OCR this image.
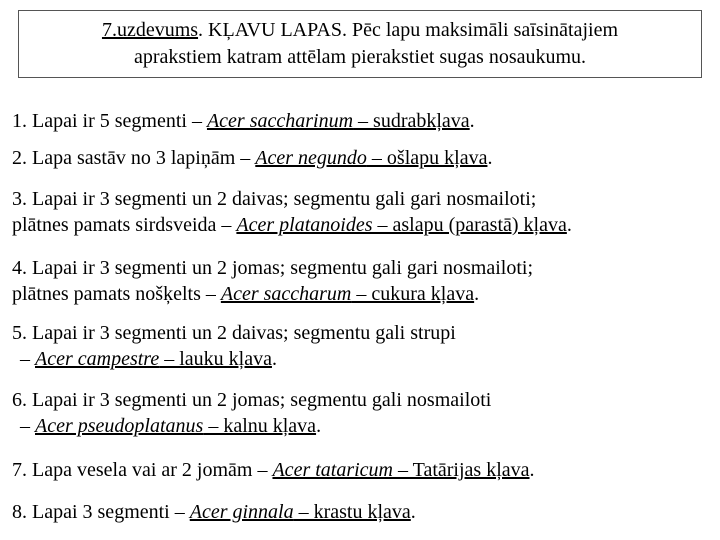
7.uzdevums. KĻAVU LAPAS. Pēc lapu maksimāli saīsinātajiem
aprakstiem katram attēlam pierakstiet sugas nosaukumu.
1. Lapai ir 5 segmenti – Acer saccharinum – sudrabkļava.
2. Lapa sastāv no 3 lapiņām – Acer negundo – ošlapu kļava.
3. Lapai ir 3 segmenti un 2 daivas; segmentu gali gari nosmailoti;
plātnes pamats sirdsveida – Acer platanoides – aslapu (parastā) kļava.
4. Lapai ir 3 segmenti un 2 jomas; segmentu gali gari nosmailoti;
plātnes pamats nošķelts – Acer saccharum – cukura kļava.
5. Lapai ir 3 segmenti un 2 daivas; segmentu gali strupi
– Acer campestre – lauku kļava.
6. Lapai ir 3 segmenti un 2 jomas; segmentu gali nosmailoti
– Acer pseudoplatanus – kalnu kļava.
7. Lapa vesela vai ar 2 jomām – Acer tataricum – Tatārijas kļava.
8. Lapai 3 segmenti – Acer ginnala – krastu kļava.
